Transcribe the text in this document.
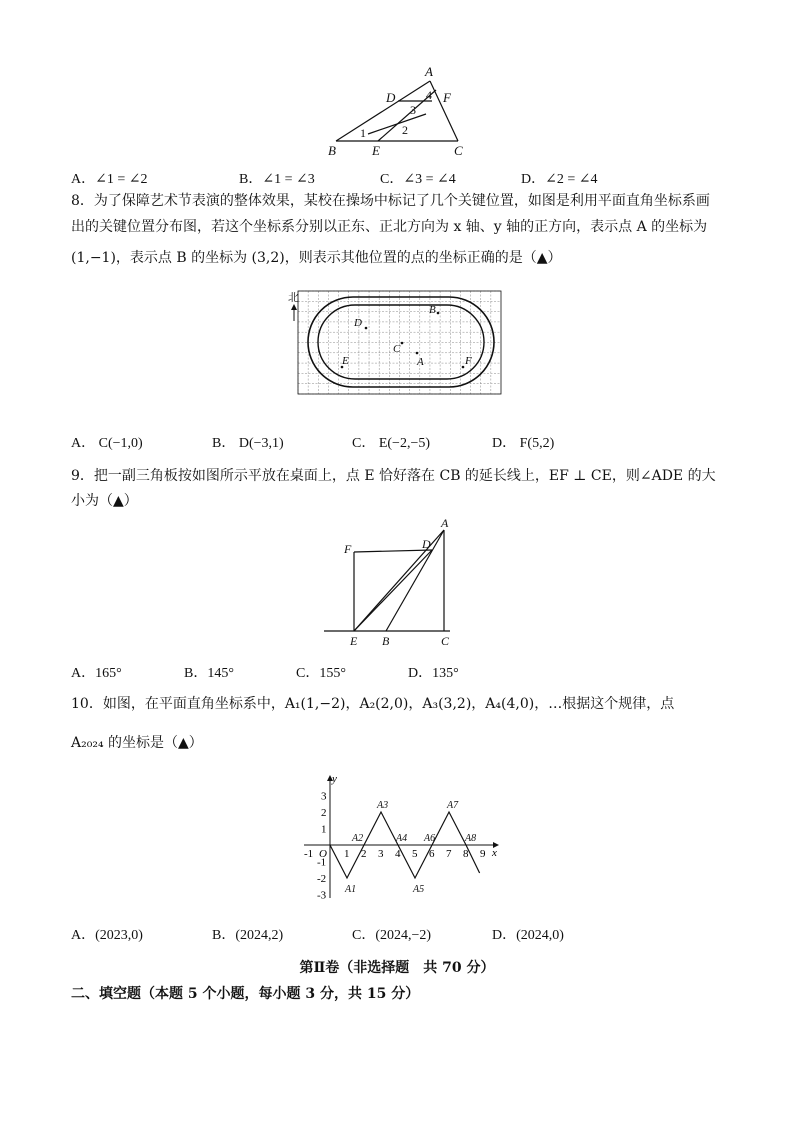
A
D	F
B	E	C
1	2
3
4
A．∠1 = ∠2	B．∠1 = ∠3	C．∠3 = ∠4	D．∠2 = ∠4
8．为了保障艺术节表演的整体效果，某校在操场中标记了几个关键位置，如图是利用平面直角坐标系画
出的关键位置分布图，若这个坐标系分别以正东、正北方向为 x 轴、y 轴的正方向，表示点 A 的坐标为
(1,−1)，表示点 B 的坐标为 (3,2)，则表示其他位置的点的坐标正确的是（▲）
北
B
D
C
A
E	F
A． C(−1,0)	B． D(−3,1)	C． E(−2,−5)	D． F(5,2)
9．把一副三角板按如图所示平放在桌面上，点 E 恰好落在 CB 的延长线上，EF ⊥ CE，则∠ADE 的大
小为（▲）
F	D
A
E B	C
A．165°	B．145°	C．155°	D．135°
10．如图，在平面直角坐标系中，A₁(1,−2)，A₂(2,0)，A₃(3,2)，A₄(4,0)，…根据这个规律，点
A₂₀₂₄ 的坐标是（▲）
y
x
O
-1	1 2 3 4 5 6 7 8 9
3
2
1
-1
-2
-3 A1
A2
A3
A4
A5
A6
A7
A8
A．(2023,0)	B．(2024,2)	C．(2024,−2)	D．(2024,0)
第Ⅱ卷（非选择题　共 70 分）
二、填空题（本题 5 个小题，每小题 3 分，共 15 分）
